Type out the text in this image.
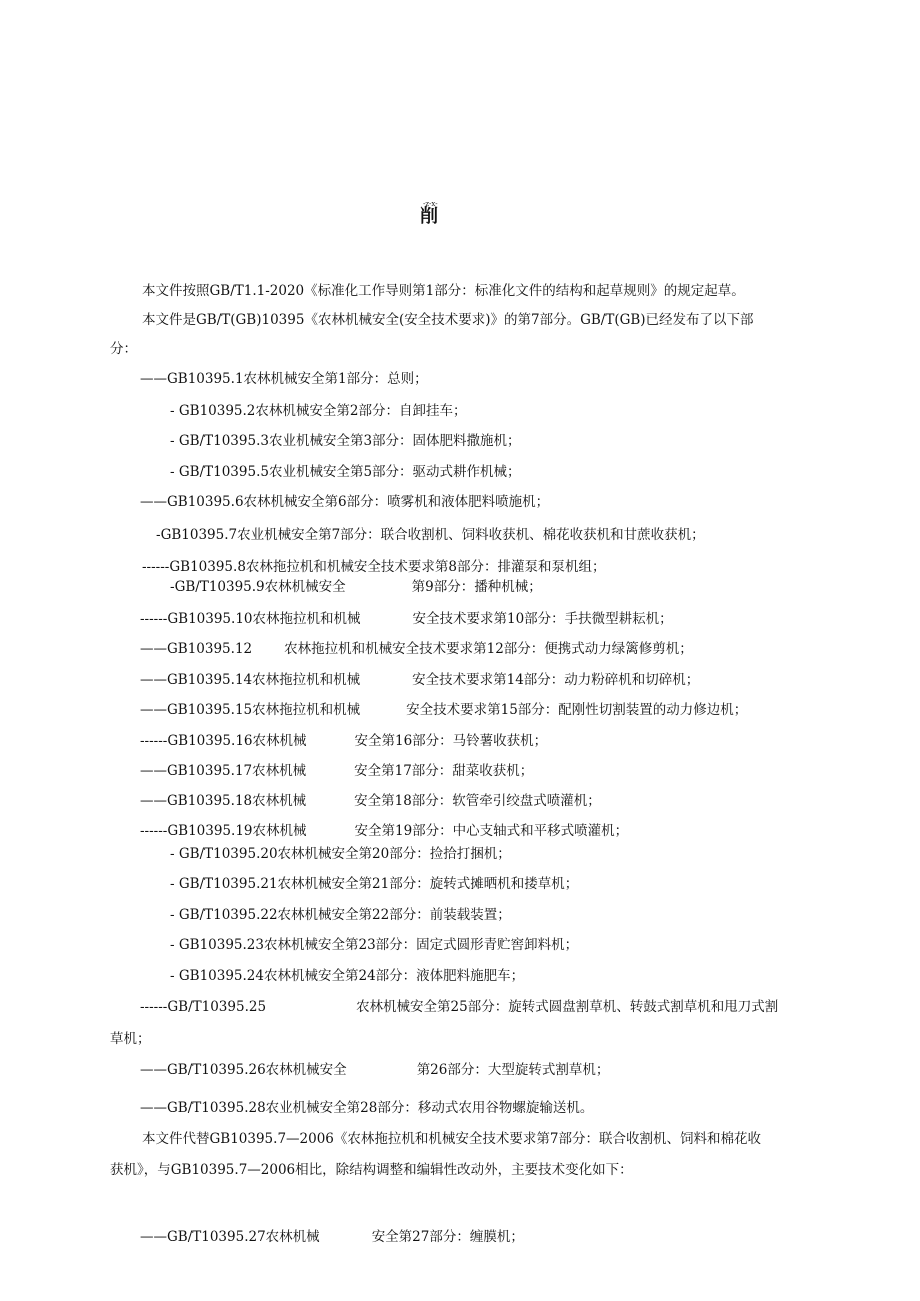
-z-x-
削
本文件按照GB/T1.1-2020《标准化工作导则第1部分：标准化文件的结构和起草规则》的规定起草。
本文件是GB/T(GB)10395《农林机械安全(安全技术要求)》的第7部分。GB/T(GB)已经发布了以下部
分：
——GB10395.1农林机械安全第1部分：总则；
- GB10395.2农林机械安全第2部分：自卸挂车；
- GB/T10395.3农业机械安全第3部分：固体肥料撒施机；
- GB/T10395.5农业机械安全第5部分：驱动式耕作机械；
——GB10395.6农林机械安全第6部分：喷雾机和液体肥料喷施机；
-GB10395.7农业机械安全第7部分：联合收割机、饲料收获机、棉花收获机和甘蔗收获机；
------GB10395.8农林拖拉机和机械安全技术要求第8部分：排灌泵和泵机组；
-GB/T10395.9农林机械安全	第9部分：播种机械；
------GB10395.10农林拖拉机和机械	安全技术要求第10部分：手扶微型耕耘机；
——GB10395.12 农林拖拉机和机械安全技术要求第12部分：便携式动力绿篱修剪机；
——GB10395.14农林拖拉机和机械	安全技术要求第14部分：动力粉碎机和切碎机；
——GB10395.15农林拖拉机和机械	安全技术要求第15部分：配刚性切割装置的动力修边机；
------GB10395.16农林机械	安全第16部分：马铃薯收获机；
——GB10395.17农林机械	安全第17部分：甜菜收获机；
——GB10395.18农林机械	安全第18部分：软管牵引绞盘式喷灌机；
------GB10395.19农林机械	安全第19部分：中心支轴式和平移式喷灌机；
- GB/T10395.20农林机械安全第20部分：捡拾打捆机；
- GB/T10395.21农林机械安全第21部分：旋转式摊晒机和搂草机；
- GB/T10395.22农林机械安全第22部分：前装载装置；
- GB10395.23农林机械安全第23部分：固定式圆形青贮窖卸料机；
- GB10395.24农林机械安全第24部分：液体肥料施肥车；
------GB/T10395.25	农林机械安全第25部分：旋转式圆盘割草机、转鼓式割草机和甩刀式割
草机；
——GB/T10395.26农林机械安全	第26部分：大型旋转式割草机；
——GB/T10395.28农业机械安全第28部分：移动式农用谷物螺旋输送机。
本文件代替GB10395.7—2006《农林拖拉机和机械安全技术要求第7部分：联合收割机、饲料和棉花收
获机》，与GB10395.7—2006相比，除结构调整和编辑性改动外，主要技术变化如下：
——GB/T10395.27农林机械	安全第27部分：缠膜机；
